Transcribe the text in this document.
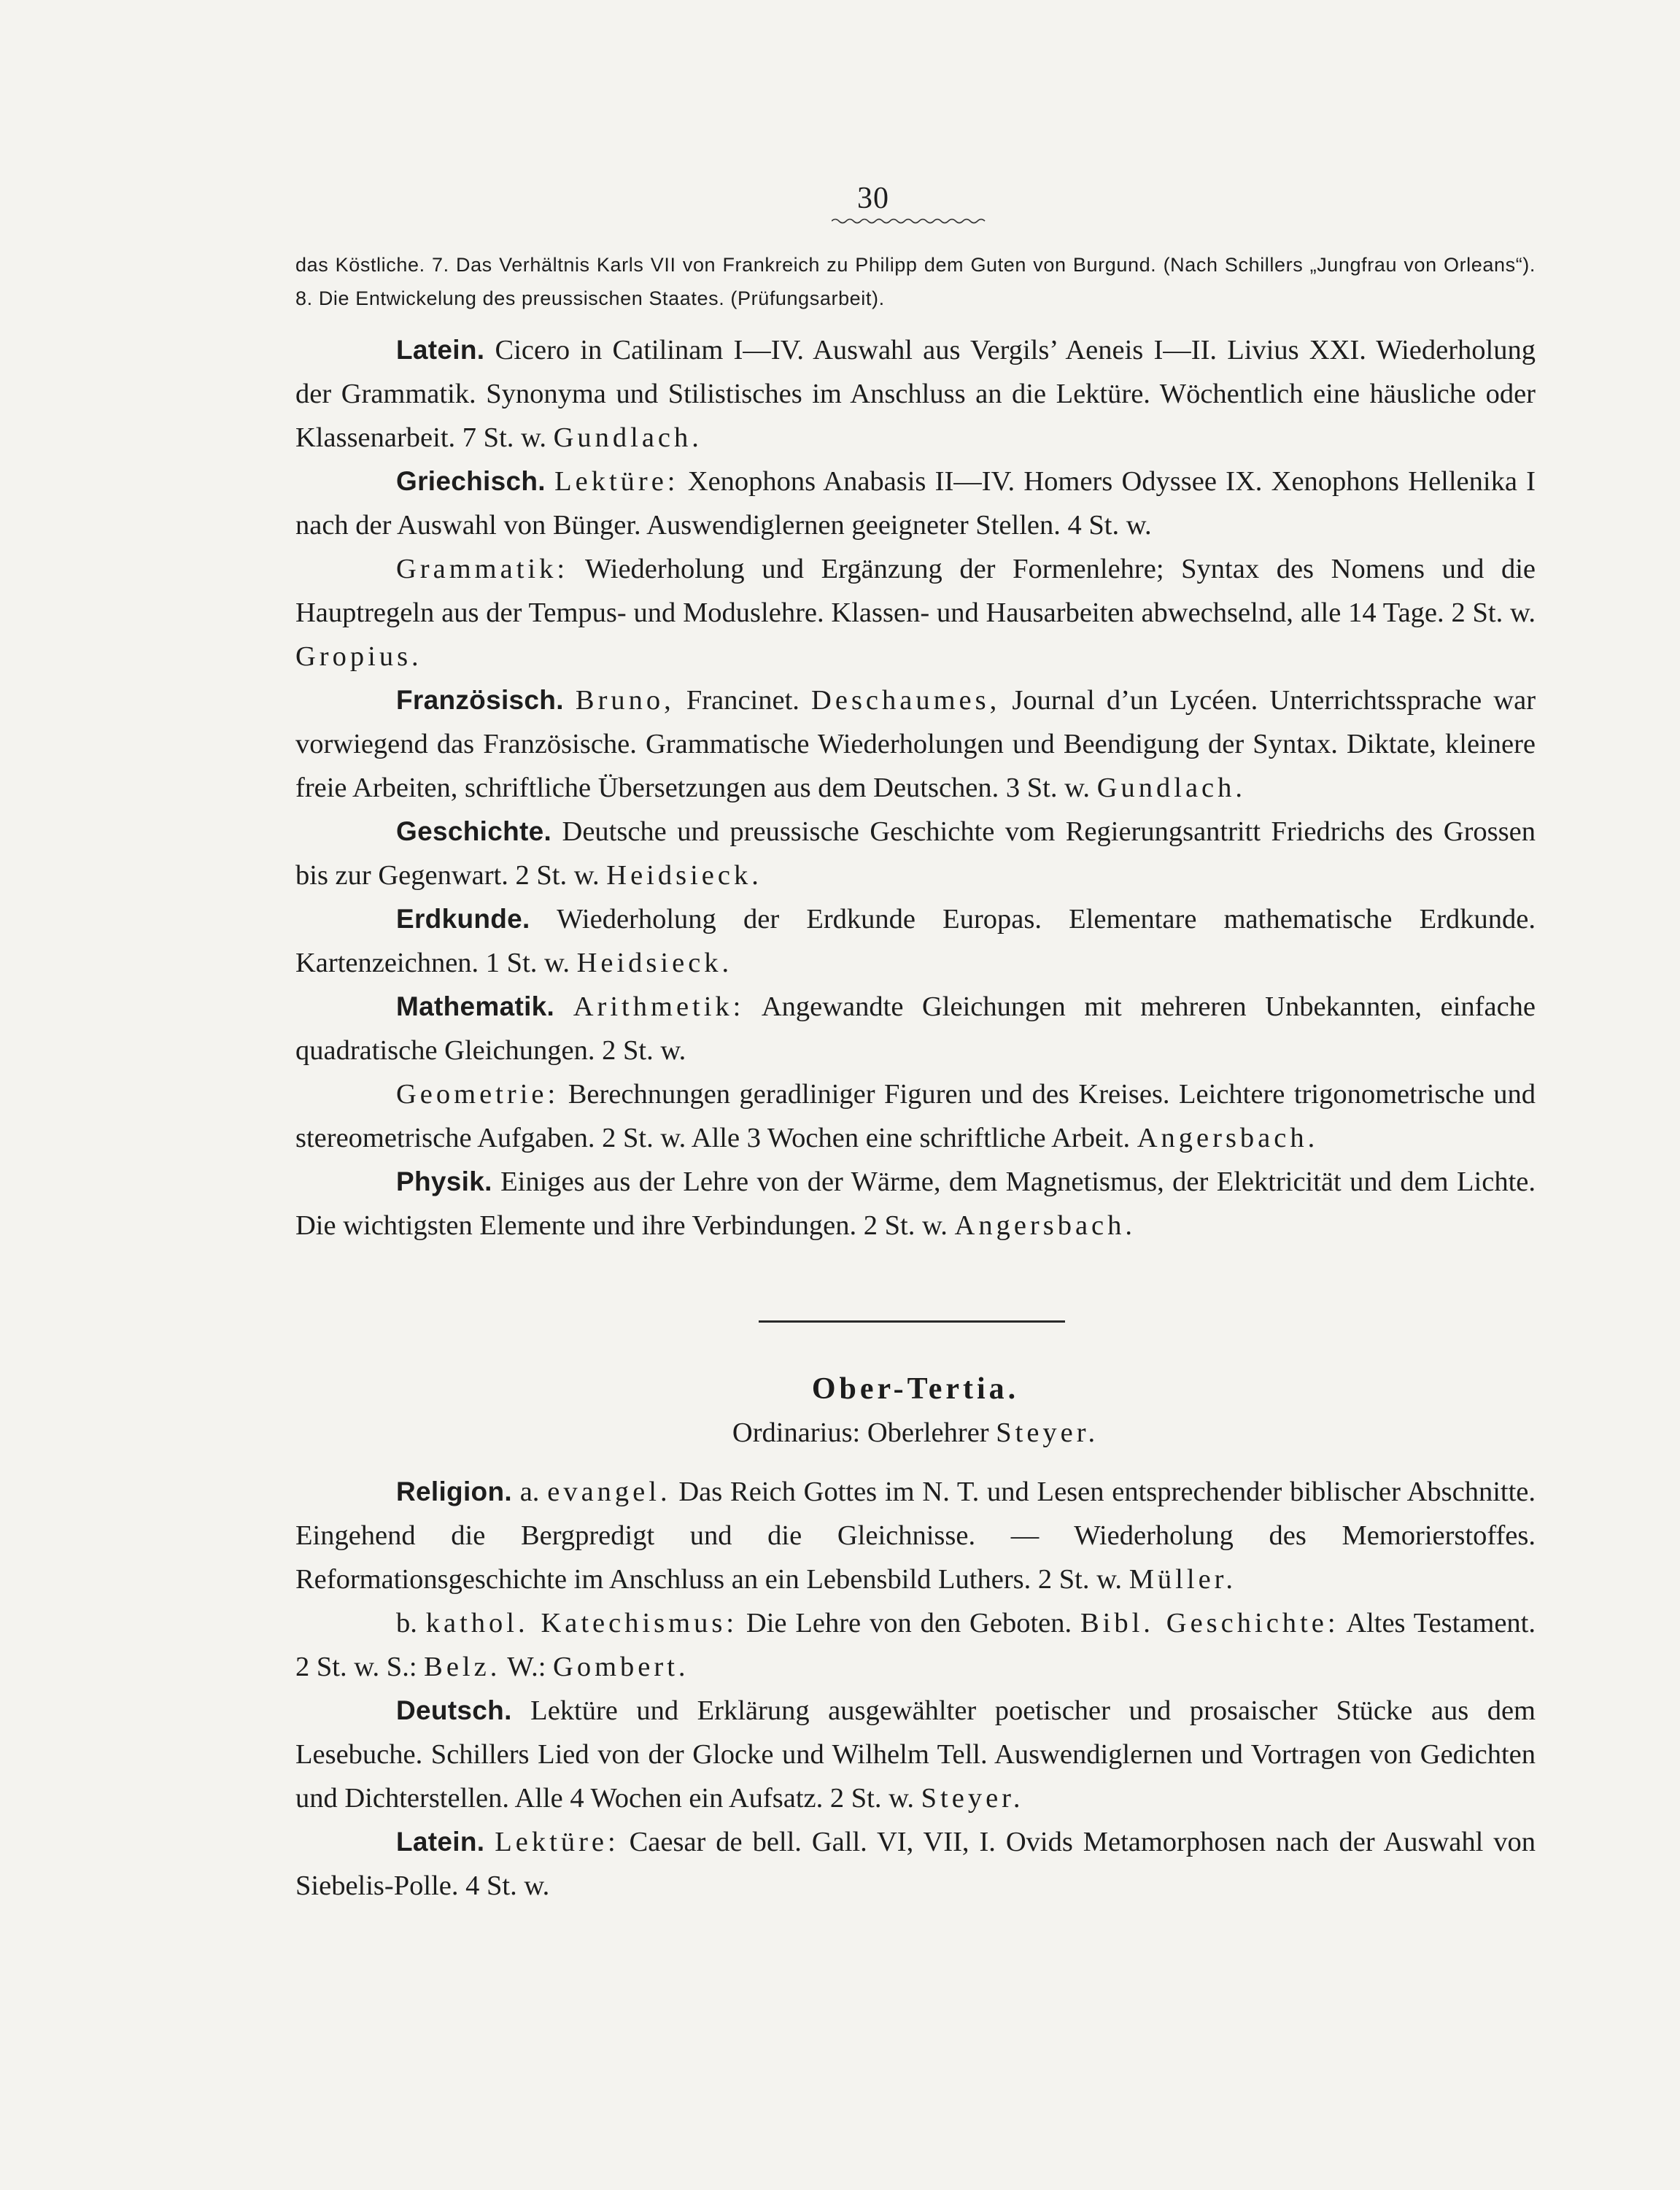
30

das Köstliche. 7. Das Verhältnis Karls VII von Frankreich zu Philipp dem Guten von Burgund. (Nach Schillers „Jungfrau von Orleans“). 8. Die Entwickelung des preussischen Staates. (Prüfungsarbeit).

Latein. Cicero in Catilinam I—IV. Auswahl aus Vergils’ Aeneis I—II. Livius XXI. Wiederholung der Grammatik. Synonyma und Stilistisches im Anschluss an die Lektüre. Wöchentlich eine häusliche oder Klassenarbeit. 7 St. w. Gundlach.

Griechisch. Lektüre: Xenophons Anabasis II—IV. Homers Odyssee IX. Xenophons Hellenika I nach der Auswahl von Bünger. Auswendiglernen geeigneter Stellen. 4 St. w.

Grammatik: Wiederholung und Ergänzung der Formenlehre; Syntax des Nomens und die Hauptregeln aus der Tempus- und Moduslehre. Klassen- und Hausarbeiten abwechselnd, alle 14 Tage. 2 St. w. Gropius.

Französisch. Bruno, Francinet. Deschaumes, Journal d’un Lycéen. Unterrichtssprache war vorwiegend das Französische. Grammatische Wiederholungen und Beendigung der Syntax. Diktate, kleinere freie Arbeiten, schriftliche Übersetzungen aus dem Deutschen. 3 St. w. Gundlach.

Geschichte. Deutsche und preussische Geschichte vom Regierungsantritt Friedrichs des Grossen bis zur Gegenwart. 2 St. w. Heidsieck.

Erdkunde. Wiederholung der Erdkunde Europas. Elementare mathematische Erdkunde. Kartenzeichnen. 1 St. w. Heidsieck.

Mathematik. Arithmetik: Angewandte Gleichungen mit mehreren Unbekannten, einfache quadratische Gleichungen. 2 St. w.

Geometrie: Berechnungen geradliniger Figuren und des Kreises. Leichtere trigonometrische und stereometrische Aufgaben. 2 St. w. Alle 3 Wochen eine schriftliche Arbeit. Angersbach.

Physik. Einiges aus der Lehre von der Wärme, dem Magnetismus, der Elektricität und dem Lichte. Die wichtigsten Elemente und ihre Verbindungen. 2 St. w. Angersbach.

Ober-Tertia.
Ordinarius: Oberlehrer Steyer.

Religion. a. evangel. Das Reich Gottes im N. T. und Lesen entsprechender biblischer Abschnitte. Eingehend die Bergpredigt und die Gleichnisse. — Wiederholung des Memorierstoffes. Reformationsgeschichte im Anschluss an ein Lebensbild Luthers. 2 St. w. Müller.

b. kathol. Katechismus: Die Lehre von den Geboten. Bibl. Geschichte: Altes Testament. 2 St. w. S.: Belz. W.: Gombert.

Deutsch. Lektüre und Erklärung ausgewählter poetischer und prosaischer Stücke aus dem Lesebuche. Schillers Lied von der Glocke und Wilhelm Tell. Auswendiglernen und Vortragen von Gedichten und Dichterstellen. Alle 4 Wochen ein Aufsatz. 2 St. w. Steyer.

Latein. Lektüre: Caesar de bell. Gall. VI, VII, I. Ovids Metamorphosen nach der Auswahl von Siebelis-Polle. 4 St. w.
